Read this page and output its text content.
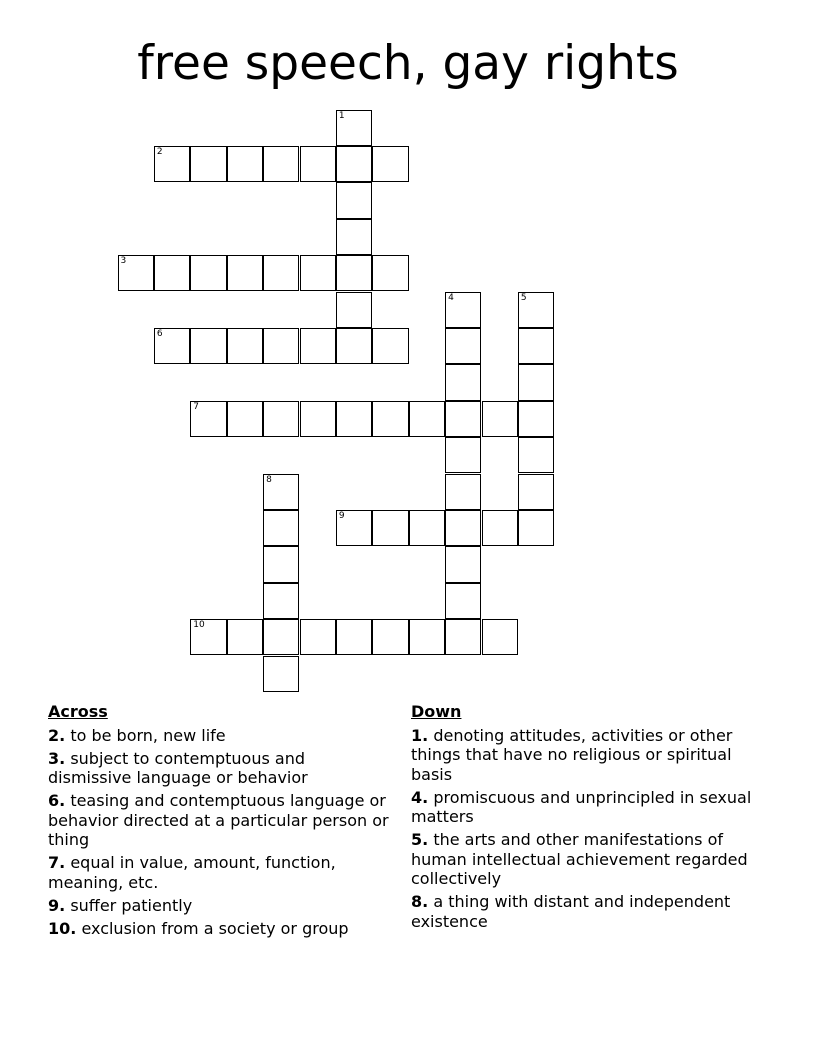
free speech, gay rights
1
2
3
4	5
6
7
8
9
10
Across
2. to be born, new life
3. subject to contemptuous and dismissive language or behavior
6. teasing and contemptuous language or behavior directed at a particular person or thing
7. equal in value, amount, function, meaning, etc.
9. suffer patiently
10. exclusion from a society or group
Down
1. denoting attitudes, activities or other things that have no religious or spiritual basis
4. promiscuous and unprincipled in sexual matters
5. the arts and other manifestations of human intellectual achievement regarded collectively
8. a thing with distant and independent existence
